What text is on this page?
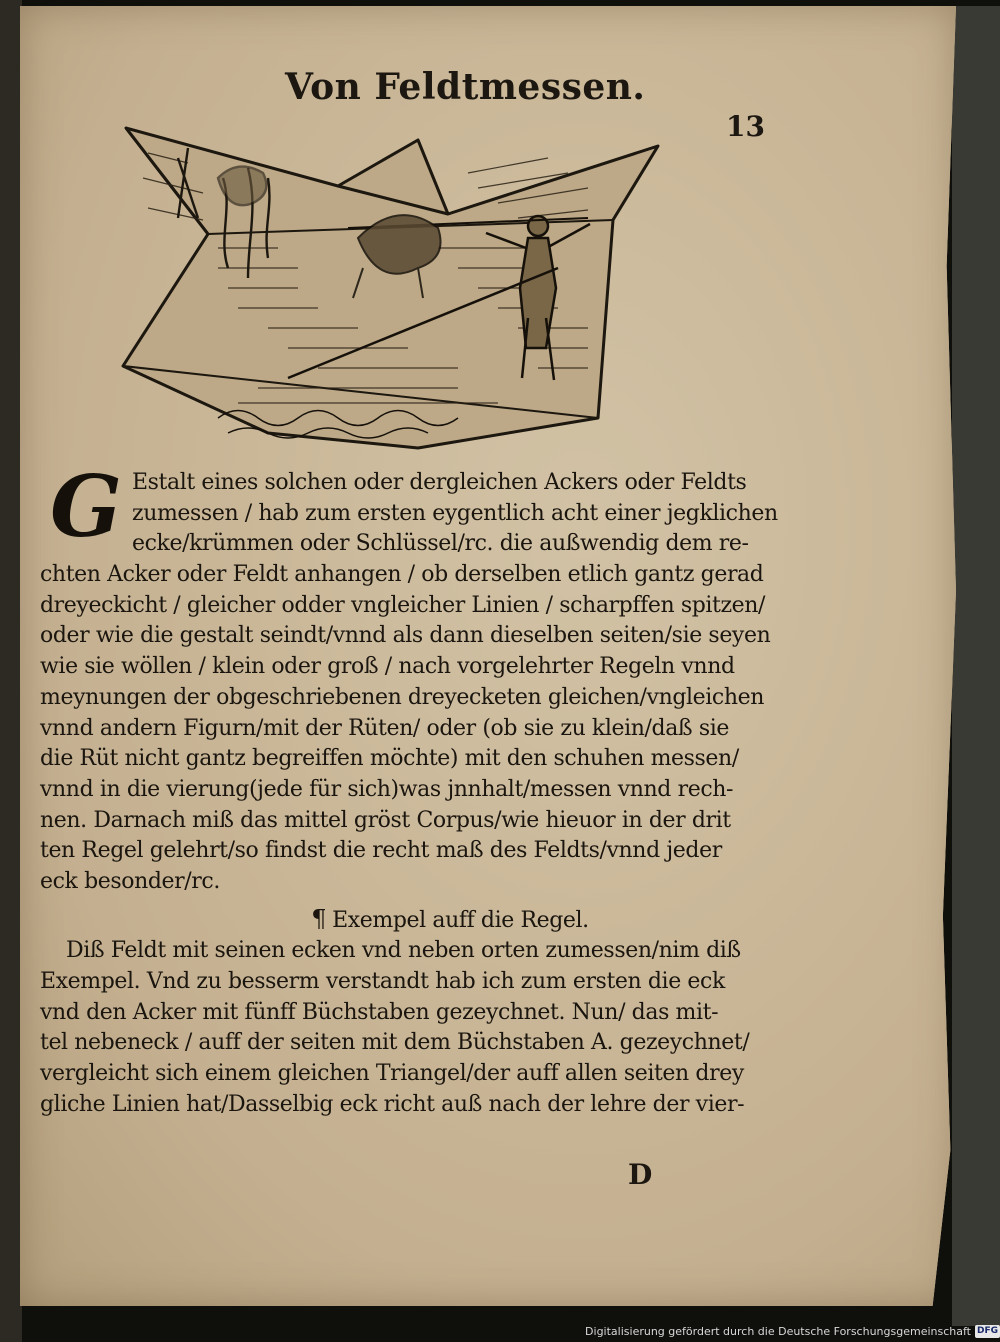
Von Feldtmessen.
13
G Estalt eines solchen oder dergleichen Ackers oder Feldts
zumessen / hab zum ersten eygentlich acht einer jegklichen
ecke/krümmen oder Schlüssel/rc. die außwendig dem re-
chten Acker oder Feldt anhangen / ob derselben etlich gantz gerad
dreyeckicht / gleicher odder vngleicher Linien / scharpffen spitzen/
oder wie die gestalt seindt/vnnd als dann dieselben seiten/sie seyen
wie sie wöllen / klein oder groß / nach vorgelehrter Regeln vnnd
meynungen der obgeschriebenen dreyecketen gleichen/vngleichen
vnnd andern Figurn/mit der Rüten/ oder (ob sie zu klein/daß sie
die Rüt nicht gantz begreiffen möchte) mit den schuhen messen/
vnnd in die vierung(jede für sich)was jnnhalt/messen vnnd rech-
nen. Darnach miß das mittel gröst Corpus/wie hieuor in der drit
ten Regel gelehrt/so findst die recht maß des Feldts/vnnd jeder
eck besonder/rc.
¶ Exempel auff die Regel.
Diß Feldt mit seinen ecken vnd neben orten zumessen/nim diß
Exempel. Vnd zu besserm verstandt hab ich zum ersten die eck
vnd den Acker mit fünff Büchstaben gezeychnet. Nun/ das mit-
tel nebeneck / auff der seiten mit dem Büchstaben A. gezeychnet/
vergleicht sich einem gleichen Triangel/der auff allen seiten drey
gliche Linien hat/Dasselbig eck richt auß nach der lehre der vier-
D
Digitalisierung gefördert durch die Deutsche Forschungsgemeinschaft DFG
